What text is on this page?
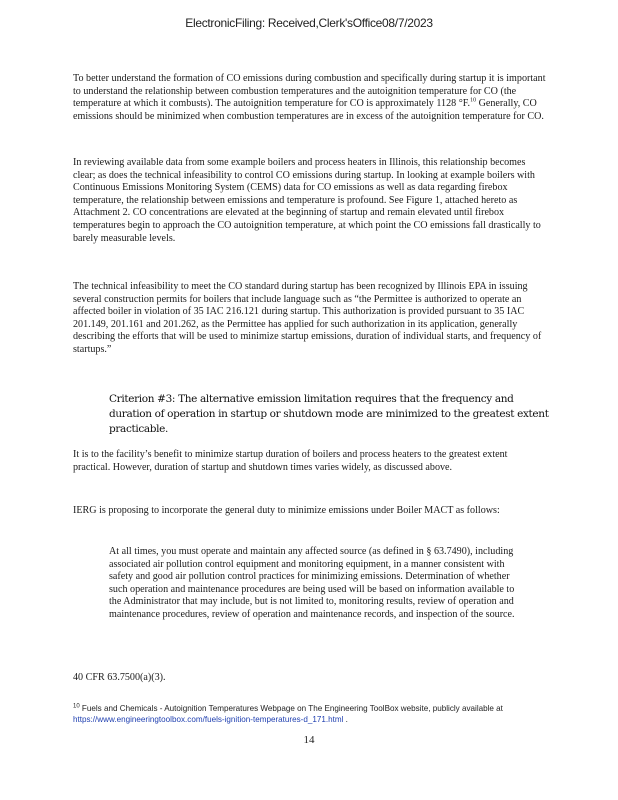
ElectronicFiling: Received,Clerk'sOffice08/7/2023

To better understand the formation of CO emissions during combustion and specifically during startup it is important to understand the relationship between combustion temperatures and the autoignition temperature for CO (the temperature at which it combusts). The autoignition temperature for CO is approximately 1128 °F.$^{10}$ Generally, CO emissions should be minimized when combustion temperatures are in excess of the autoignition temperature for CO.

In reviewing available data from some example boilers and process heaters in Illinois, this relationship becomes clear; as does the technical infeasibility to control CO emissions during startup. In looking at example boilers with Continuous Emissions Monitoring System (CEMS) data for CO emissions as well as data regarding firebox temperature, the relationship between emissions and temperature is profound. See Figure 1, attached hereto as Attachment 2. CO concentrations are elevated at the beginning of startup and remain elevated until firebox temperatures begin to approach the CO autoignition temperature, at which point the CO emissions fall drastically to barely measurable levels.

The technical infeasibility to meet the CO standard during startup has been recognized by Illinois EPA in issuing several construction permits for boilers that include language such as “the Permittee is authorized to operate an affected boiler in violation of 35 IAC 216.121 during startup. This authorization is provided pursuant to 35 IAC 201.149, 201.161 and 201.262, as the Permittee has applied for such authorization in its application, generally describing the efforts that will be used to minimize startup emissions, duration of individual starts, and frequency of startups.”

Criterion #3: The alternative emission limitation requires that the frequency and duration of operation in startup or shutdown mode are minimized to the greatest extent practicable.

It is to the facility’s benefit to minimize startup duration of boilers and process heaters to the greatest extent practical. However, duration of startup and shutdown times varies widely, as discussed above.

IERG is proposing to incorporate the general duty to minimize emissions under Boiler MACT as follows:

At all times, you must operate and maintain any affected source (as defined in § 63.7490), including associated air pollution control equipment and monitoring equipment, in a manner consistent with safety and good air pollution control practices for minimizing emissions. Determination of whether such operation and maintenance procedures are being used will be based on information available to the Administrator that may include, but is not limited to, monitoring results, review of operation and maintenance procedures, review of operation and maintenance records, and inspection of the source.
40 CFR 63.7500(a)(3).
$^{10}$ Fuels and Chemicals - Autoignition Temperatures Webpage on The Engineering ToolBox website, publicly available at https://www.engineeringtoolbox.com/fuels-ignition-temperatures-d_171.html .
14
